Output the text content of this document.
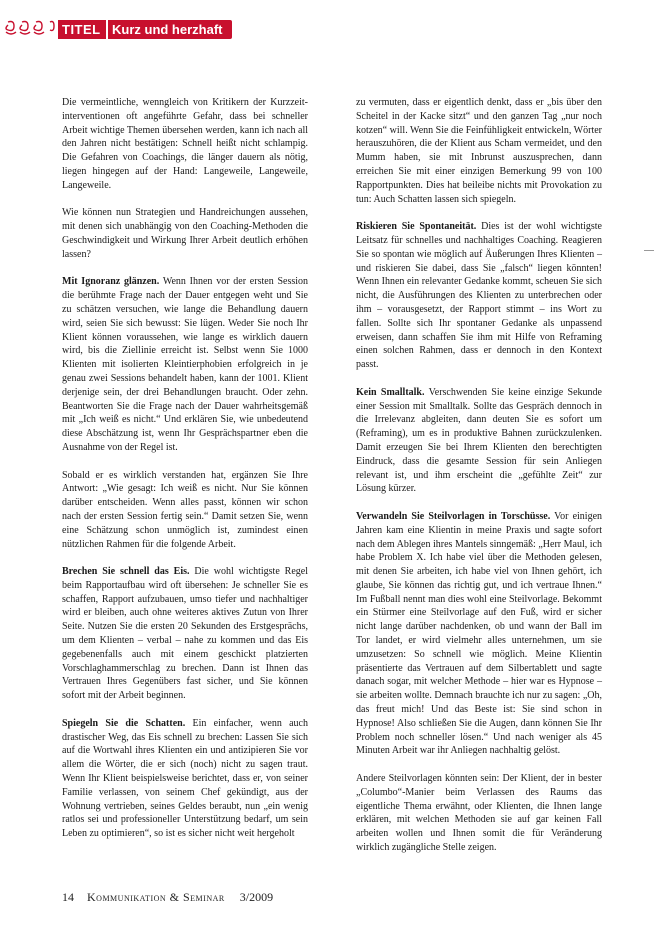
TITEL Kurz und herzhaft

Die vermeintliche, wenngleich von Kritikern der Kurzzeit-interventionen oft angeführte Gefahr, dass bei schneller Arbeit wichtige Themen übersehen werden, kann ich nach all den Jahren nicht bestätigen: Schnell heißt nicht schlampig. Die Gefahren von Coachings, die länger dauern als nötig, liegen hingegen auf der Hand: Langeweile, Langeweile, Langeweile.

Wie können nun Strategien und Handreichungen aussehen, mit denen sich unabhängig von den Coaching-Methoden die Geschwindigkeit und Wirkung Ihrer Arbeit deutlich erhöhen lassen?

Mit Ignoranz glänzen. Wenn Ihnen vor der ersten Session die berühmte Frage nach der Dauer entgegen weht und Sie zu schätzen versuchen, wie lange die Behandlung dauern wird, seien Sie sich bewusst: Sie lügen. Weder Sie noch Ihr Klient können voraussehen, wie lange es wirklich dauern wird, bis die Ziellinie erreicht ist. Selbst wenn Sie 1000 Klienten mit isolierten Kleintierphobien erfolgreich in je genau zwei Sessions behandelt haben, kann der 1001. Klient derjenige sein, der drei Behandlungen braucht. Oder zehn. Beantworten Sie die Frage nach der Dauer wahrheitsgemäß mit „Ich weiß es nicht.“ Und erklären Sie, wie unbedeutend diese Abschätzung ist, wenn Ihr Gesprächspartner eben die Ausnahme von der Regel ist.

Sobald er es wirklich verstanden hat, ergänzen Sie Ihre Antwort: „Wie gesagt: Ich weiß es nicht. Nur Sie können darüber entscheiden. Wenn alles passt, können wir schon nach der ersten Session fertig sein.“ Damit setzen Sie, wenn eine Schätzung schon unmöglich ist, zumindest einen nützlichen Rahmen für die folgende Arbeit.

Brechen Sie schnell das Eis. Die wohl wichtigste Regel beim Rapportaufbau wird oft übersehen: Je schneller Sie es schaffen, Rapport aufzubauen, umso tiefer und nachhaltiger wird er bleiben, auch ohne weiteres aktives Zutun von Ihrer Seite. Nutzen Sie die ersten 20 Sekunden des Erstgesprächs, um dem Klienten – verbal – nahe zu kommen und das Eis gegebenenfalls auch mit einem geschickt platzierten Vorschlaghammerschlag zu brechen. Dann ist Ihnen das Vertrauen Ihres Gegenübers fast sicher, und Sie können sofort mit der Arbeit beginnen.

Spiegeln Sie die Schatten. Ein einfacher, wenn auch drastischer Weg, das Eis schnell zu brechen: Lassen Sie sich auf die Wortwahl ihres Klienten ein und antizipieren Sie vor allem die Wörter, die er sich (noch) nicht zu sagen traut. Wenn Ihr Klient beispielsweise berichtet, dass er, von seiner Familie verlassen, von seinem Chef gekündigt, aus der Wohnung vertrieben, seines Geldes beraubt, nun „ein wenig ratlos sei und professioneller Unterstützung bedarf, um sein Leben zu optimieren“, so ist es sicher nicht weit hergeholt

zu vermuten, dass er eigentlich denkt, dass er „bis über den Scheitel in der Kacke sitzt“ und den ganzen Tag „nur noch kotzen“ will. Wenn Sie die Feinfühligkeit entwickeln, Wörter herauszuhören, die der Klient aus Scham vermeidet, und den Mumm haben, sie mit Inbrunst auszusprechen, dann erreichen Sie mit einer einzigen Bemerkung 99 von 100 Rapportpunkten. Dies hat beileibe nichts mit Provokation zu tun: Auch Schatten lassen sich spiegeln.

Riskieren Sie Spontaneität. Dies ist der wohl wichtigste Leitsatz für schnelles und nachhaltiges Coaching. Reagieren Sie so spontan wie möglich auf Äußerungen Ihres Klienten – und riskieren Sie dabei, dass Sie „falsch“ liegen könnten! Wenn Ihnen ein relevanter Gedanke kommt, scheuen Sie sich nicht, die Ausführungen des Klienten zu unterbrechen oder ihm – vorausgesetzt, der Rapport stimmt – ins Wort zu fallen. Sollte sich Ihr spontaner Gedanke als unpassend erweisen, dann schaffen Sie ihm mit Hilfe von Reframing einen solchen Rahmen, dass er dennoch in den Kontext passt.

Kein Smalltalk. Verschwenden Sie keine einzige Sekunde einer Session mit Smalltalk. Sollte das Gespräch dennoch in die Irrelevanz abgleiten, dann deuten Sie es sofort um (Reframing), um es in produktive Bahnen zurückzulenken. Damit erzeugen Sie bei Ihrem Klienten den berechtigten Eindruck, dass die gesamte Session für sein Anliegen relevant ist, und ihm erscheint die „gefühlte Zeit“ zur Lösung kürzer.

Verwandeln Sie Steilvorlagen in Torschüsse. Vor einigen Jahren kam eine Klientin in meine Praxis und sagte sofort nach dem Ablegen ihres Mantels sinngemäß: „Herr Maul, ich habe Problem X. Ich habe viel über die Methoden gelesen, mit denen Sie arbeiten, ich habe viel von Ihnen gehört, ich glaube, Sie können das richtig gut, und ich vertraue Ihnen.“ Im Fußball nennt man dies wohl eine Steilvorlage. Bekommt ein Stürmer eine Steilvorlage auf den Fuß, wird er sicher nicht lange darüber nachdenken, ob und wann der Ball im Tor landet, er wird vielmehr alles unternehmen, um sie umzusetzen: So schnell wie möglich. Meine Klientin präsentierte das Vertrauen auf dem Silbertablett und sagte danach sogar, mit welcher Methode – hier war es Hypnose – sie arbeiten wollte. Demnach brauchte ich nur zu sagen: „Oh, das freut mich! Und das Beste ist: Sie sind schon in Hypnose! Also schließen Sie die Augen, dann können Sie Ihr Problem noch schneller lösen.“ Und nach weniger als 45 Minuten Arbeit war ihr Anliegen nachhaltig gelöst.

Andere Steilvorlagen könnten sein: Der Klient, der in bester „Columbo“-Manier beim Verlassen des Raums das eigentliche Thema erwähnt, oder Klienten, die Ihnen lange erklären, mit welchen Methoden sie auf gar keinen Fall arbeiten wollen und Ihnen somit die für Veränderung wirklich zugängliche Stelle zeigen.

14 Kommunikation & Seminar 3/2009
